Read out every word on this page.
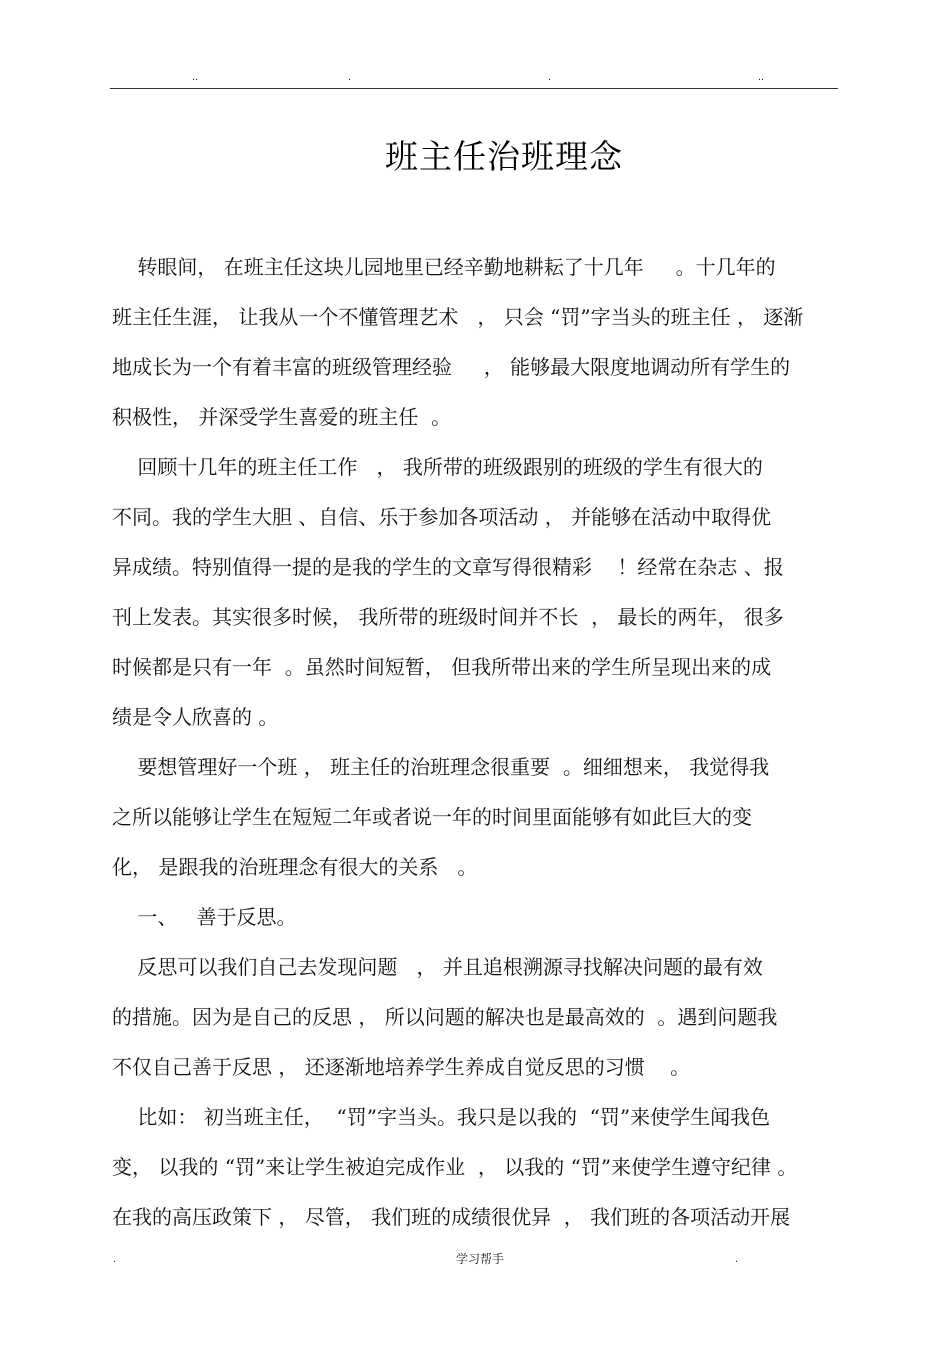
..	.	.	..
班主任治班理念
转眼间， 在班主任这块儿园地里已经辛勤地耕耘了十几年     。十几年的
班主任生涯， 让我从一个不懂管理艺术   ， 只会 “罚”字当头的班主任 ， 逐渐
地成长为一个有着丰富的班级管理经验     ， 能够最大限度地调动所有学生的
积极性， 并深受学生喜爱的班主任  。
回顾十几年的班主任工作   ， 我所带的班级跟别的班级的学生有很大的
不同。我的学生大胆 、自信、乐于参加各项活动 ， 并能够在活动中取得优
异成绩。特别值得一提的是我的学生的文章写得很精彩    ！经常在杂志 、报
刊上发表。其实很多时候， 我所带的班级时间并不长  ， 最长的两年， 很多
时候都是只有一年  。虽然时间短暂， 但我所带出来的学生所呈现出来的成
绩是令人欣喜的 。
要想管理好一个班 ， 班主任的治班理念很重要  。细细想来， 我觉得我
之所以能够让学生在短短二年或者说一年的时间里面能够有如此巨大的变
化， 是跟我的治班理念有很大的关系   。
一、   善于反思。
反思可以我们自己去发现问题   ， 并且追根溯源寻找解决问题的最有效
的措施。因为是自己的反思 ， 所以问题的解决也是最高效的  。遇到问题我
不仅自己善于反思 ， 还逐渐地培养学生养成自觉反思的习惯    。
比如： 初当班主任，  “罚”字当头。我只是以我的  “罚”来使学生闻我色
变， 以我的 “罚”来让学生被迫完成作业  ， 以我的 “罚”来使学生遵守纪律 。
在我的高压政策下 ， 尽管， 我们班的成绩很优异  ， 我们班的各项活动开展
.	学习帮手	.
